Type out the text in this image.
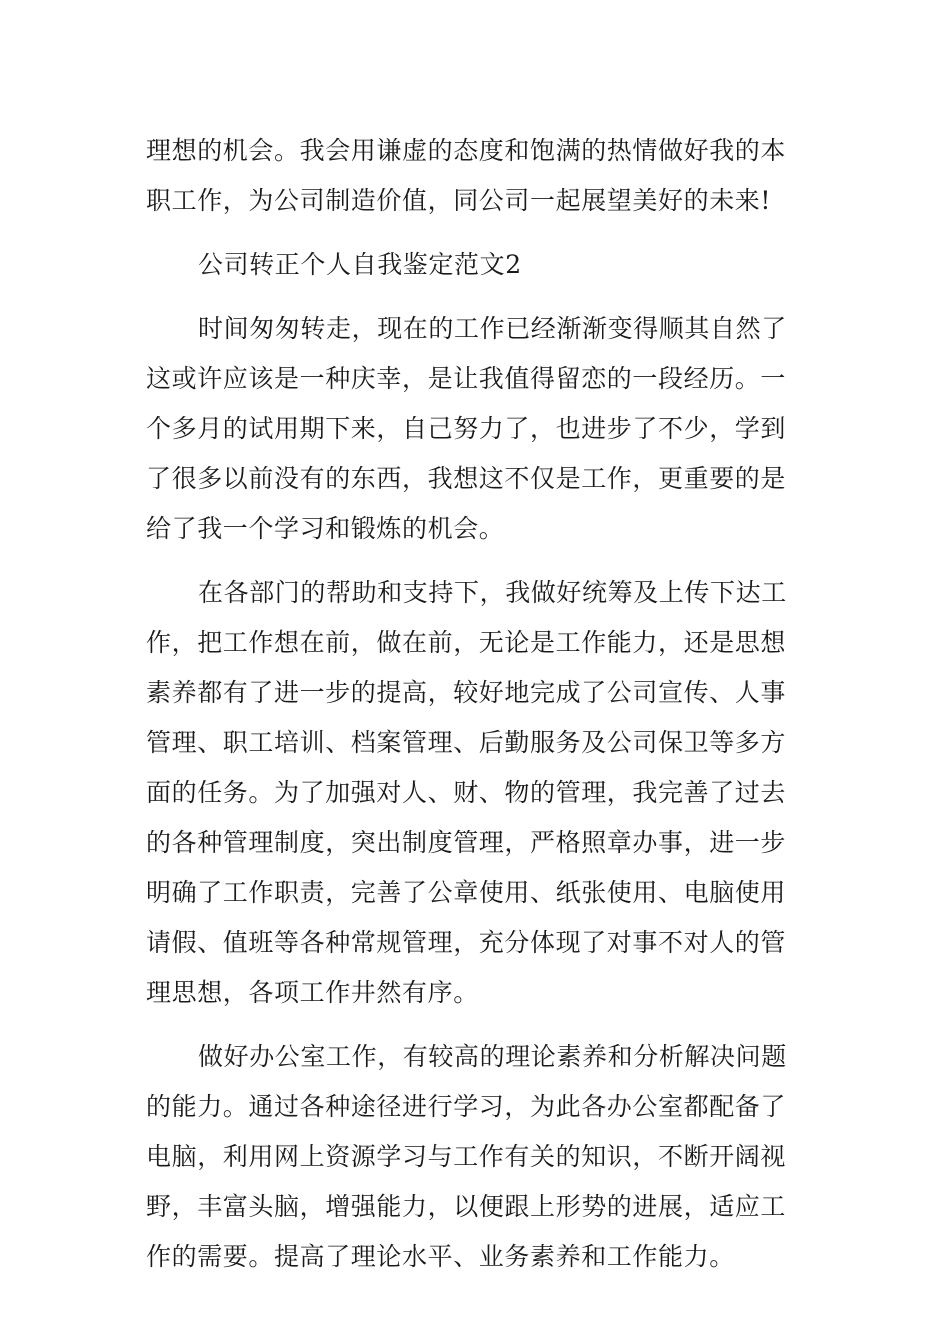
理想的机会。我会用谦虚的态度和饱满的热情做好我的本
职工作，为公司制造价值，同公司一起展望美好的未来!
公司转正个人自我鉴定范文2
时间匆匆转走，现在的工作已经渐渐变得顺其自然了
这或许应该是一种庆幸，是让我值得留恋的一段经历。一
个多月的试用期下来，自己努力了，也进步了不少，学到
了很多以前没有的东西，我想这不仅是工作，更重要的是
给了我一个学习和锻炼的机会。
在各部门的帮助和支持下，我做好统筹及上传下达工
作，把工作想在前，做在前，无论是工作能力，还是思想
素养都有了进一步的提高，较好地完成了公司宣传、人事
管理、职工培训、档案管理、后勤服务及公司保卫等多方
面的任务。为了加强对人、财、物的管理，我完善了过去
的各种管理制度，突出制度管理，严格照章办事，进一步
明确了工作职责，完善了公章使用、纸张使用、电脑使用
请假、值班等各种常规管理，充分体现了对事不对人的管
理思想，各项工作井然有序。
做好办公室工作，有较高的理论素养和分析解决问题
的能力。通过各种途径进行学习，为此各办公室都配备了
电脑，利用网上资源学习与工作有关的知识，不断开阔视
野，丰富头脑，增强能力，以便跟上形势的进展，适应工
作的需要。提高了理论水平、业务素养和工作能力。
